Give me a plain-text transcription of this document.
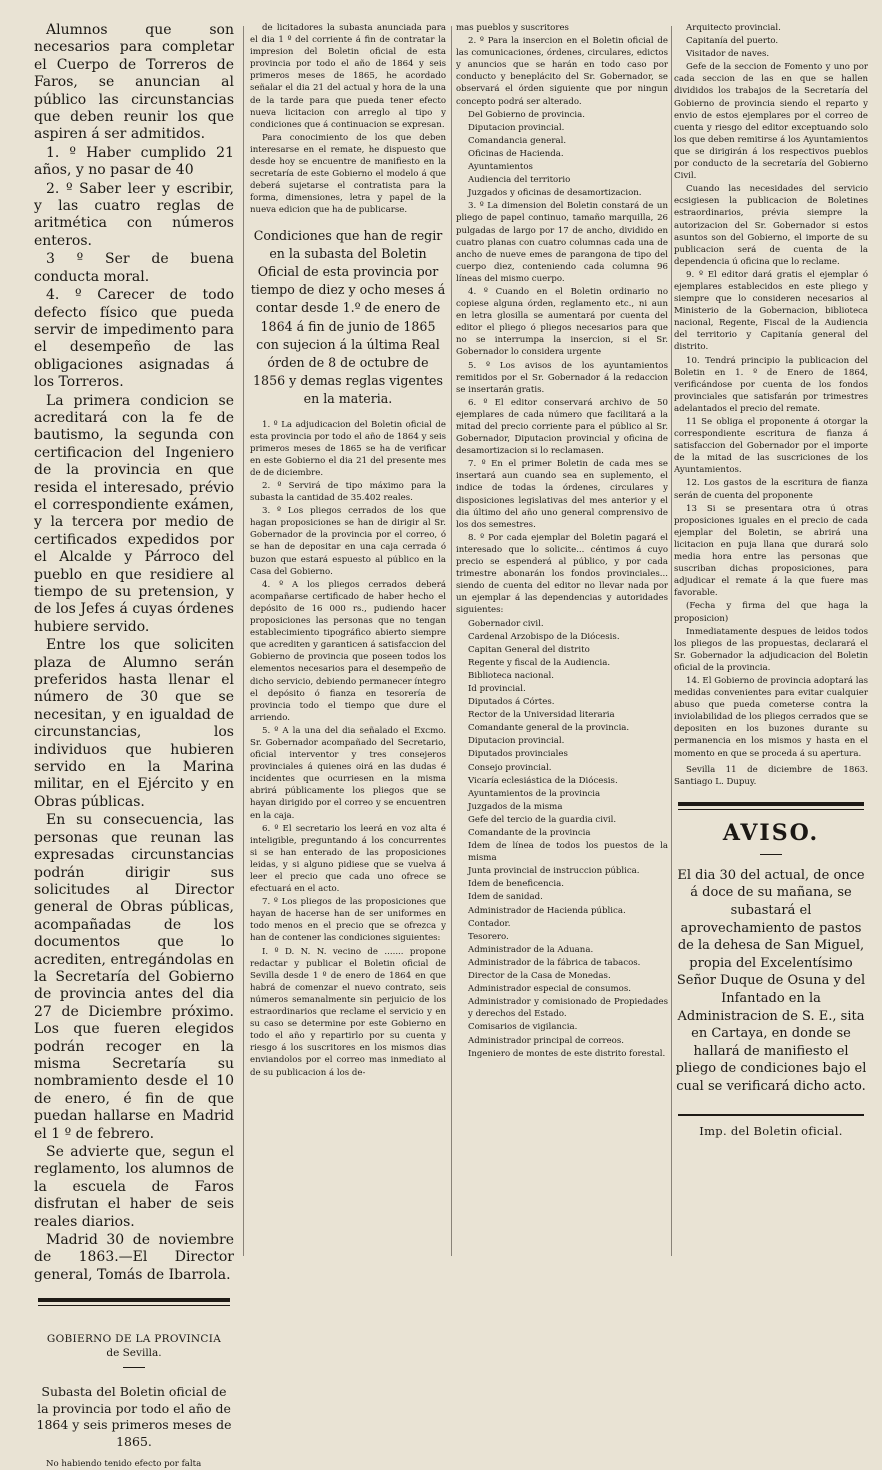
Alumnos que son necesarios para completar el Cuerpo de Torreros de Faros, se anuncian al público las circunstancias que deben reunir los que aspiren á ser admitidos.

1. º Haber cumplido 21 años, y no pasar de 40

2. º Saber leer y escribir, y las cuatro reglas de aritmética con números enteros.

3 º Ser de buena conducta moral.

4. º Carecer de todo defecto físico que pueda servir de impedimento para el desempeño de las obligaciones asignadas á los Torreros.

La primera condicion se acreditará con la fe de bautismo, la segunda con certificacion del Ingeniero de la provincia en que resida el interesado, prévio el correspondiente exámen, y la tercera por medio de certificados expedidos por el Alcalde y Párroco del pueblo en que residiere al tiempo de su pretension, y de los Jefes á cuyas órdenes hubiere servido.

Entre los que soliciten plaza de Alumno serán preferidos hasta llenar el número de 30 que se necesitan, y en igualdad de circunstancias, los individuos que hubieren servido en la Marina militar, en el Ejército y en Obras públicas.

En su consecuencia, las personas que reunan las expresadas circunstancias podrán dirigir sus solicitudes al Director general de Obras públicas, acompañadas de los documentos que lo acrediten, entregándolas en la Secretaría del Gobierno de provincia antes del dia 27 de Diciembre próximo. Los que fueren elegidos podrán recoger en la misma Secretaría su nombramiento desde el 10 de enero, é fin de que puedan hallarse en Madrid el 1 º de febrero.

Se advierte que, segun el reglamento, los alumnos de la escuela de Faros disfrutan el haber de seis reales diarios.

Madrid 30 de noviembre de 1863.—El Director general, Tomás de Ibarrola.

GOBIERNO DE LA PROVINCIA
de Sevilla.

Subasta del Boletin oficial de la provincia por todo el año de 1864 y seis primeros meses de 1865.

No habiendo tenido efecto por falta

de licitadores la subasta anunciada para el dia 1 º del corriente á fin de contratar la impresion del Boletin oficial de esta provincia por todo el año de 1864 y seis primeros meses de 1865, he acordado señalar el dia 21 del actual y hora de la una de la tarde para que pueda tener efecto nueva licitacion con arreglo al tipo y condiciones que á continuacion se expresan.

Para conocimiento de los que deben interesarse en el remate, he dispuesto que desde hoy se encuentre de manifiesto en la secretaría de este Gobierno el modelo á que deberá sujetarse el contratista para la forma, dimensiones, letra y papel de la nueva edicion que ha de publicarse.

Condiciones que han de regir en la subasta del Boletin Oficial de esta provincia por tiempo de diez y ocho meses á contar desde 1.º de enero de 1864 á fin de junio de 1865 con sujecion á la última Real órden de 8 de octubre de 1856 y demas reglas vigentes en la materia.

1. º La adjudicacion del Boletin oficial de esta provincia por todo el año de 1864 y seis primeros meses de 1865 se ha de verificar en este Gobierno el dia 21 del presente mes de de diciembre.

2. º Servirá de tipo máximo para la subasta la cantidad de 35.402 reales.

3. º Los pliegos cerrados de los que hagan proposiciones se han de dirigir al Sr. Gobernador de la provincia por el correo, ó se han de depositar en una caja cerrada ó buzon que estará espuesto al público en la Casa del Gobierno.

4. º A los pliegos cerrados deberá acompañarse certificado de haber hecho el depósito de 16 000 rs., pudiendo hacer proposiciones las personas que no tengan establecimiento tipográfico abierto siempre que acrediten y garanticen á satisfaccion del Gobierno de provincia que poseen todos los elementos necesarios para el desempeño de dicho servicio, debiendo permanecer íntegro el depósito ó fianza en tesorería de provincia todo el tiempo que dure el arriendo.

5. º A la una del dia señalado el Excmo. Sr. Gobernador acompañado del Secretario, oficial interventor y tres consejeros provinciales á quienes oirá en las dudas é incidentes que ocurriesen en la misma abrirá públicamente los pliegos que se hayan dirigido por el correo y se encuentren en la caja.

6. º El secretario los leerá en voz alta é inteligible, preguntando á los concurrentes si se han enterado de las proposiciones leidas, y si alguno pidiese que se vuelva á leer el precio que cada uno ofrece se efectuará en el acto.

7. º Los pliegos de las proposiciones que hayan de hacerse han de ser uniformes en todo menos en el precio que se ofrezca y han de contener las condiciones siguientes:

I. º D. N. N. vecino de ....... propone redactar y publicar el Boletin oficial de Sevilla desde 1 º de enero de 1864 en que habrá de comenzar el nuevo contrato, seis números semanalmente sin perjuicio de los estraordinarios que reclame el servicio y en su caso se determine por este Gobierno en todo el año y repartirlo por su cuenta y riesgo á los suscritores en los mismos dias enviandolos por el correo mas inmediato al de su publicacion á los de-

mas pueblos y suscritores

2. º Para la insercion en el Boletin oficial de las comunicaciones, órdenes, circulares, edictos y anuncios que se harán en todo caso por conducto y beneplácito del Sr. Gobernador, se observará el órden siguiente que por ningun concepto podrá ser alterado.

Del Gobierno de provincia.

Diputacion provincial.

Comandancia general.

Oficinas de Hacienda.

Ayuntamientos

Audiencia del territorio

Juzgados y oficinas de desamortizacion.

3. º La dimension del Boletin constará de un pliego de papel continuo, tamaño marquilla, 26 pulgadas de largo por 17 de ancho, dividido en cuatro planas con cuatro columnas cada una de ancho de nueve emes de parangona de tipo del cuerpo diez, conteniendo cada columna 96 líneas del mismo cuerpo.

4. º Cuando en el Boletin ordinario no copiese alguna órden, reglamento etc., ni aun en letra glosilla se aumentará por cuenta del editor el pliego ó pliegos necesarios para que no se interrumpa la insercion, si el Sr. Gobernador lo considera urgente

5. º Los avisos de los ayuntamientos remitidos por el Sr. Gobernador á la redaccion se insertarán gratis.

6. º El editor conservará archivo de 50 ejemplares de cada número que facilitará a la mitad del precio corriente para el público al Sr. Gobernador, Diputacion provincial y oficina de desamortizacion si lo reclamasen.

7. º En el primer Boletin de cada mes se insertará aun cuando sea en suplemento, el indice de todas la órdenes, circulares y disposiciones legislativas del mes anterior y el dia último del año uno general comprensivo de los dos semestres.

8. º Por cada ejemplar del Boletin pagará el interesado que lo solicite... céntimos á cuyo precio se espenderá al público, y por cada trimestre abonarán los fondos provinciales... siendo de cuenta del editor no llevar nada por un ejemplar á las dependencias y autoridades siguientes:

Gobernador civil.

Cardenal Arzobispo de la Diócesis.

Capitan General del distrito

Regente y fiscal de la Audiencia.

Biblioteca nacional.

Id provincial.

Diputados á Córtes.

Rector de la Universidad literaria

Comandante general de la provincia.

Diputacion provincial.

Diputados provinciales

Consejo provincial.

Vicaría eclesiástica de la Diócesis.

Ayuntamientos de la provincia

Juzgados de la misma

Gefe del tercio de la guardia civil.

Comandante de la provincia

Idem de línea de todos los puestos de la misma

Junta provincial de instruccion pública.

Idem de beneficencia.

Idem de sanidad.

Administrador de Hacienda pública.

Contador.

Tesorero.

Administrador de la Aduana.

Administrador de la fábrica de tabacos.

Director de la Casa de Monedas.

Administrador especial de consumos.

Administrador y comisionado de Propiedades y derechos del Estado.

Comisarios de vigilancia.

Administrador principal de correos.

Ingeniero de montes de este distrito forestal.

Arquitecto provincial.

Capitanía del puerto.

Visitador de naves.

Gefe de la seccion de Fomento y uno por cada seccion de las en que se hallen divididos los trabajos de la Secretaría del Gobierno de provincia siendo el reparto y envio de estos ejemplares por el correo de cuenta y riesgo del editor exceptuando solo los que deben remitirse á los Ayuntamientos que se dirigirán á los respectivos pueblos por conducto de la secretaría del Gobierno Civil.

Cuando las necesidades del servicio ecsigiesen la publicacion de Boletines estraordinarios, prévia siempre la autorizacion del Sr. Gobernador si estos asuntos son del Gobierno, el importe de su publicacion será de cuenta de la dependencia ú oficina que lo reclame.

9. º El editor dará gratis el ejemplar ó ejemplares establecidos en este pliego y siempre que lo consideren necesarios al Ministerio de la Gobernacion, biblioteca nacional, Regente, Fiscal de la Audiencia del territorio y Capitanía general del distrito.

10. Tendrá principio la publicacion del Boletin en 1. º de Enero de 1864, verificándose por cuenta de los fondos provinciales que satisfarán por trimestres adelantados el precio del remate.

11 Se obliga el proponente á otorgar la correspondiente escritura de fianza á satisfaccion del Gobernador por el importe de la mitad de las suscriciones de los Ayuntamientos.

12. Los gastos de la escritura de fianza serán de cuenta del proponente

13 Si se presentara otra ú otras proposiciones iguales en el precio de cada ejemplar del Boletin, se abrirá una licitacion en puja llana que durará solo media hora entre las personas que suscriban dichas proposiciones, para adjudicar el remate á la que fuere mas favorable.

(Fecha y firma del que haga la proposicion)

Inmediatamente despues de leidos todos los pliegos de las propuestas, declarará el Sr. Gobernador la adjudicacion del Boletin oficial de la provincia.

14. El Gobierno de provincia adoptará las medidas convenientes para evitar cualquier abuso que pueda cometerse contra la inviolabilidad de los pliegos cerrados que se depositen en los buzones durante su permanencia en los mismos y hasta en el momento en que se proceda á su apertura.

Sevilla 11 de diciembre de 1863. Santiago L. Dupuy.

AVISO.

El dia 30 del actual, de once á doce de su mañana, se subastará el aprovechamiento de pastos de la dehesa de San Miguel, propia del Excelentísimo Señor Duque de Osuna y del Infantado en la Administracion de S. E., sita en Cartaya, en donde se hallará de manifiesto el pliego de condiciones bajo el cual se verificará dicho acto.

Imp. del Boletin oficial.
